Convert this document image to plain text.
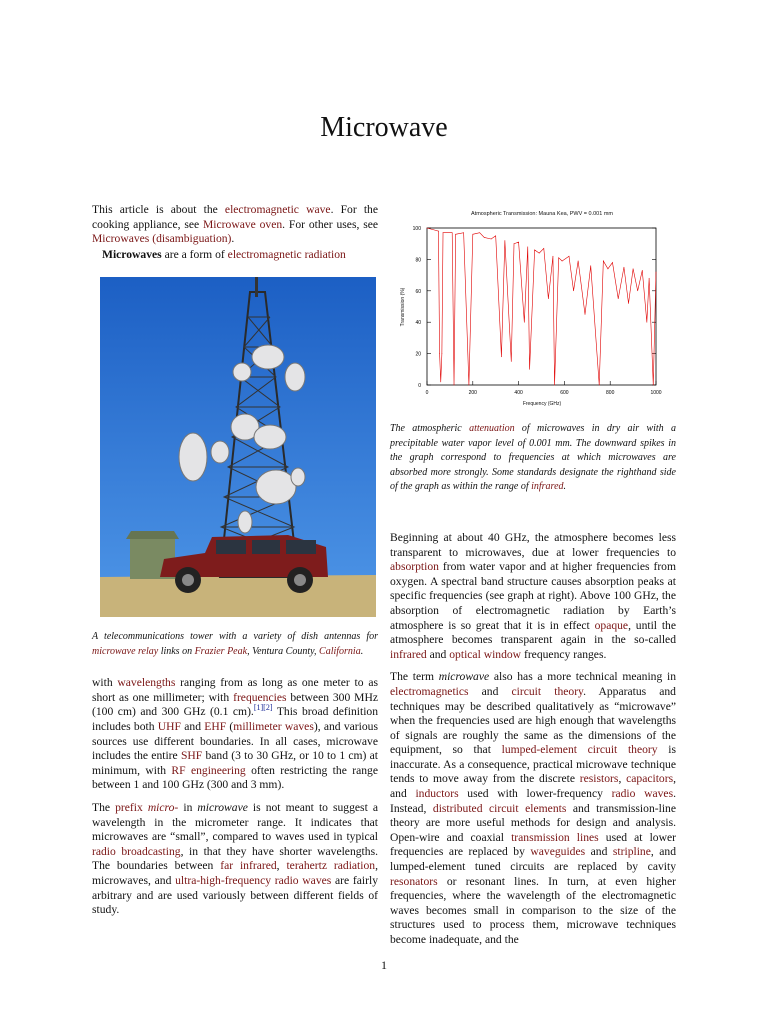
Microwave

This article is about the electromagnetic wave. For the cooking appliance, see Microwave oven. For other uses, see Microwaves (disambiguation).

Microwaves are a form of electromagnetic radiation

A telecommunications tower with a variety of dish antennas for microwave relay links on Frazier Peak, Ventura County, California.

with wavelengths ranging from as long as one meter to as short as one millimeter; with frequencies between 300 MHz (100 cm) and 300 GHz (0.1 cm).[1][2] This broad definition includes both UHF and EHF (millimeter waves), and various sources use different boundaries. In all cases, microwave includes the entire SHF band (3 to 30 GHz, or 10 to 1 cm) at minimum, with RF engineering often restricting the range between 1 and 100 GHz (300 and 3 mm).

The prefix micro- in microwave is not meant to suggest a wavelength in the micrometer range. It indicates that microwaves are “small”, compared to waves used in typical radio broadcasting, in that they have shorter wavelengths. The boundaries between far infrared, terahertz radiation, microwaves, and ultra-high-frequency radio waves are fairly arbitrary and are used variously between different fields of study.

Atmospheric Transmission: Mauna Kea, PWV = 0.001 mm
0
20
40
60
80
100
0	200	400	600	800	1000
Frequency (GHz)
Transmission (%)

The atmospheric attenuation of microwaves in dry air with a precipitable water vapor level of 0.001 mm. The downward spikes in the graph correspond to frequencies at which microwaves are absorbed more strongly. Some standards designate the righthand side of the graph as within the range of infrared.

Beginning at about 40 GHz, the atmosphere becomes less transparent to microwaves, due at lower frequencies to absorption from water vapor and at higher frequencies from oxygen. A spectral band structure causes absorption peaks at specific frequencies (see graph at right). Above 100 GHz, the absorption of electromagnetic radiation by Earth’s atmosphere is so great that it is in effect opaque, until the atmosphere becomes transparent again in the so-called infrared and optical window frequency ranges.

The term microwave also has a more technical meaning in electromagnetics and circuit theory. Apparatus and techniques may be described qualitatively as “microwave” when the frequencies used are high enough that wavelengths of signals are roughly the same as the dimensions of the equipment, so that lumped-element circuit theory is inaccurate. As a consequence, practical microwave technique tends to move away from the discrete resistors, capacitors, and inductors used with lower-frequency radio waves. Instead, distributed circuit elements and transmission-line theory are more useful methods for design and analysis. Open-wire and coaxial transmission lines used at lower frequencies are replaced by waveguides and stripline, and lumped-element tuned circuits are replaced by cavity resonators or resonant lines. In turn, at even higher frequencies, where the wavelength of the electromagnetic waves becomes small in comparison to the size of the structures used to process them, microwave techniques become inadequate, and the

1
